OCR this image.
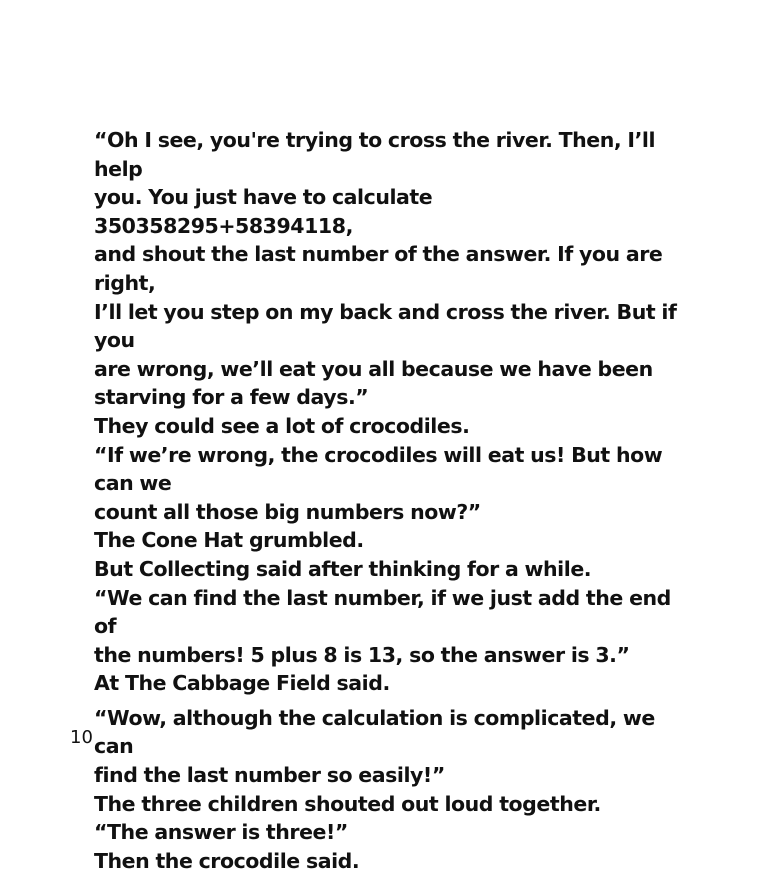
“Oh I see, you're trying to cross the river. Then, I’ll help
you. You just have to calculate 350358295+58394118,
and shout the last number of the answer. If you are right,
I’ll let you step on my back and cross the river. But if you
are wrong, we’ll eat you all because we have been
starving for a few days.”

They could see a lot of crocodiles.

“If we’re wrong, the crocodiles will eat us! But how can we
count all those big numbers now?”

The Cone Hat grumbled.

But Collecting said after thinking for a while.

“We can find the last number, if we just add the end of
the numbers! 5 plus 8 is 13, so the answer is 3.”

At The Cabbage Field said.

“Wow, although the calculation is complicated, we can
find the last number so easily!”

The three children shouted out loud together.

“The answer is three!”

Then the crocodile said.

10
